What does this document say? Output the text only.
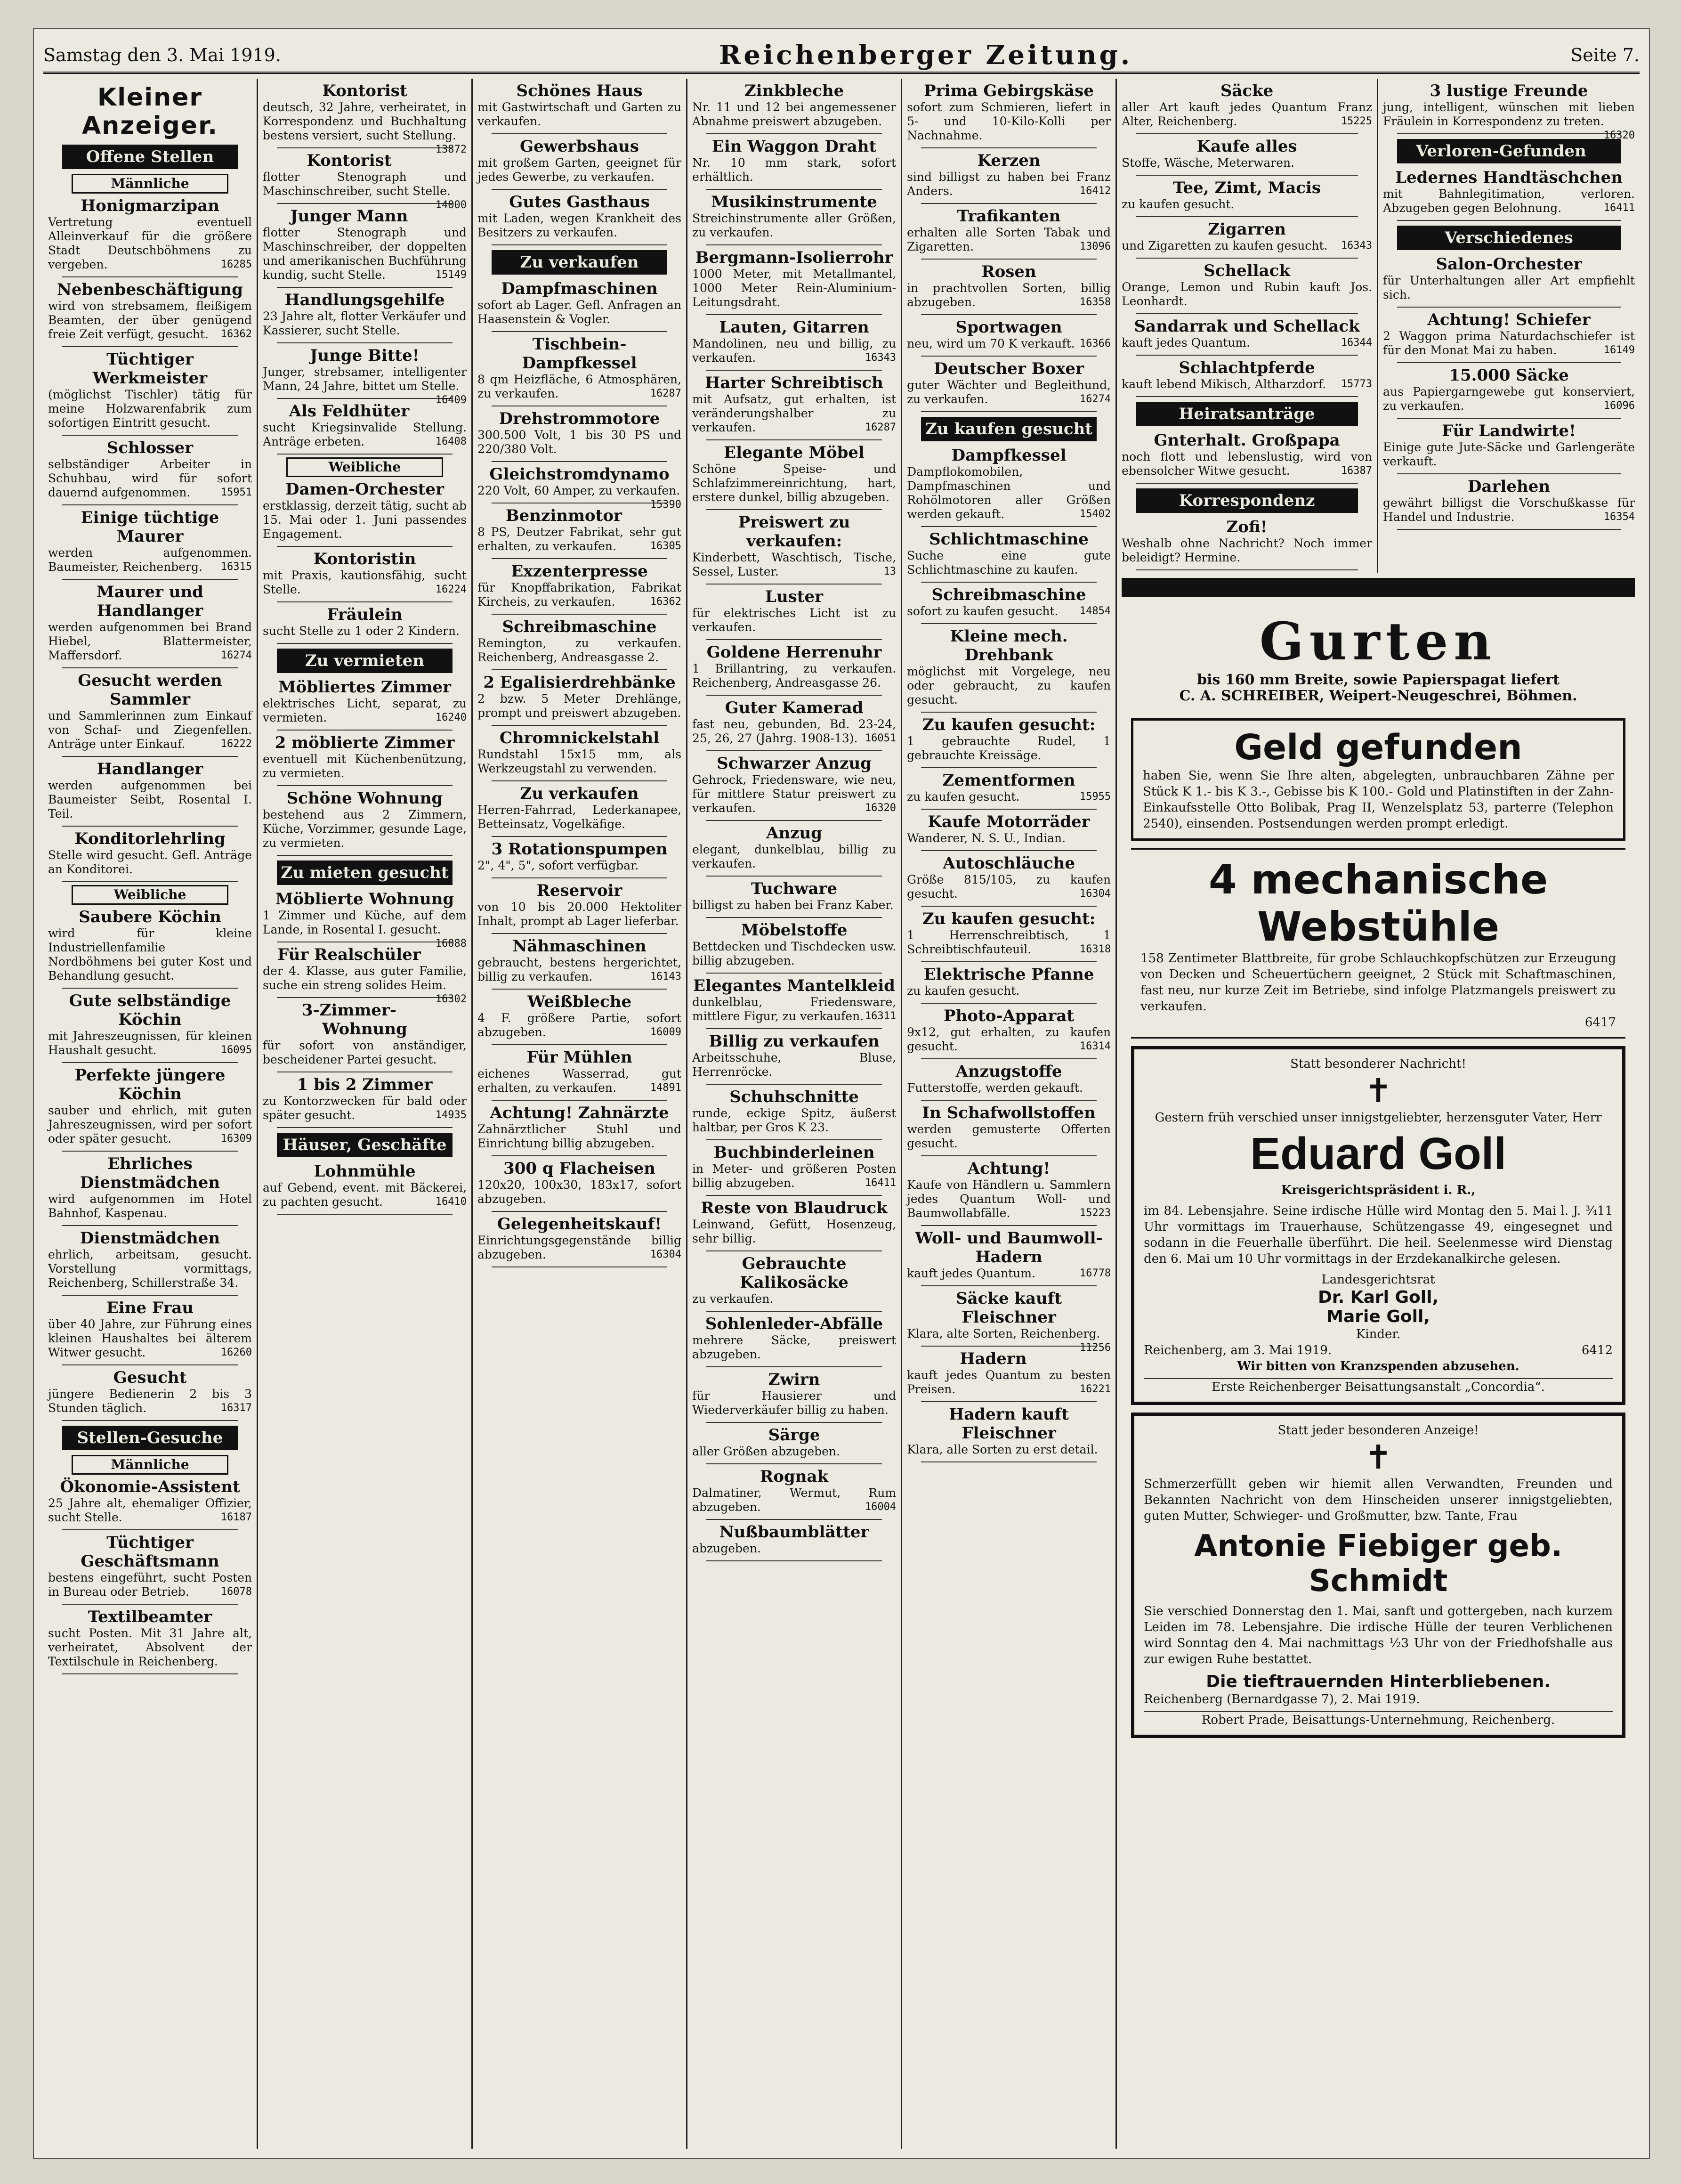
Samstag den 3. Mai 1919.	Reichenberger Zeitung.	Seite 7.
Kleiner Anzeiger.
Offene Stellen
Männliche
Honigmarzipan

Vertretung eventuell Alleinverkauf für die größere Stadt Deutschböhmens zu vergeben.	16285

Nebenbeschäftigung

wird von strebsamem, fleißigem Beamten, der über genügend freie Zeit verfügt, gesucht. 16362

Tüchtiger Werkmeister

(möglichst Tischler) tätig für meine Holzwarenfabrik zum sofortigen Eintritt gesucht.

Schlosser

selbständiger Arbeiter in Schuhbau, wird für sofort dauernd aufgenommen.	15951

Einige tüchtige Maurer

werden aufgenommen. Baumeister, Reichenberg. 16315

Maurer und Handlanger

werden aufgenommen bei Brand Hiebel, Blattermeister, Maffersdorf.	16274

Gesucht werden Sammler

und Sammlerinnen zum Einkauf von Schaf- und Ziegenfellen. Anträge unter Einkauf.	16222

Handlanger

werden aufgenommen bei Baumeister Seibt, Rosental I. Teil.

Konditorlehrling

Stelle wird gesucht. Gefl. Anträge an Konditorei.

Weibliche
Saubere Köchin

wird für kleine Industriellenfamilie Nordböhmens bei guter Kost und Behandlung gesucht.

Gute selbständige Köchin

mit Jahreszeugnissen, für kleinen Haushalt gesucht.	16095

Perfekte jüngere Köchin

sauber und ehrlich, mit guten Jahreszeugnissen, wird per sofort oder später gesucht.	16309

Ehrliches Dienstmädchen

wird aufgenommen im Hotel Bahnhof, Kaspenau.

Dienstmädchen

ehrlich, arbeitsam, gesucht. Vorstellung vormittags, Reichenberg, Schillerstraße 34.

Eine Frau

über 40 Jahre, zur Führung eines kleinen Haushaltes bei älterem Witwer gesucht.	16260

Gesucht

jüngere Bedienerin 2 bis 3 Stunden täglich.	16317

Stellen-Gesuche
Männliche
Ökonomie-Assistent

25 Jahre alt, ehemaliger Offizier, sucht Stelle.	16187

Tüchtiger Geschäftsmann

bestens eingeführt, sucht Posten in Bureau oder Betrieb.	16078

Textilbeamter

sucht Posten. Mit 31 Jahre alt, verheiratet, Absolvent der Textilschule in Reichenberg.

Kontorist

deutsch, 32 Jahre, verheiratet, in Korrespondenz und Buchhaltung bestens versiert, sucht Stellung.
13872

Kontorist

flotter Stenograph und Maschinschreiber, sucht Stelle.
14000

Junger Mann

flotter Stenograph und Maschinschreiber, der doppelten und amerikanischen Buchführung kundig, sucht Stelle.	15149

Handlungsgehilfe

23 Jahre alt, flotter Verkäufer und Kassierer, sucht Stelle.

Junge Bitte!

Junger, strebsamer, intelligenter Mann, 24 Jahre, bittet um Stelle.
16409

Als Feldhüter

sucht Kriegsinvalide Stellung. Anträge erbeten.	16408

Weibliche
Damen-Orchester

erstklassig, derzeit tätig, sucht ab 15. Mai oder 1. Juni passendes Engagement.

Kontoristin

mit Praxis, kautionsfähig, sucht Stelle.	16224

Fräulein

sucht Stelle zu 1 oder 2 Kindern.

Zu vermieten
Möbliertes Zimmer

elektrisches Licht, separat, zu vermieten.	16240

2 möblierte Zimmer

eventuell mit Küchenbenützung, zu vermieten.

Schöne Wohnung

bestehend aus 2 Zimmern, Küche, Vorzimmer, gesunde Lage, zu vermieten.

Zu mieten gesucht
Möblierte Wohnung

1 Zimmer und Küche, auf dem Lande, in Rosental I. gesucht.
16088

Für Realschüler

der 4. Klasse, aus guter Familie, suche ein streng solides Heim.
16302

3-Zimmer-Wohnung

für sofort von anständiger, bescheidener Partei gesucht.

1 bis 2 Zimmer

zu Kontorzwecken für bald oder später gesucht.	14935

Häuser, Geschäfte
Lohnmühle

auf Gebend, event. mit Bäckerei, zu pachten gesucht.	16410

Schönes Haus

mit Gastwirtschaft und Garten zu verkaufen.

Gewerbshaus

mit großem Garten, geeignet für jedes Gewerbe, zu verkaufen.

Gutes Gasthaus

mit Laden, wegen Krankheit des Besitzers zu verkaufen.

Zu verkaufen
Dampfmaschinen

sofort ab Lager. Gefl. Anfragen an Haasenstein & Vogler.

Tischbein-Dampfkessel

8 qm Heizfläche, 6 Atmosphären, zu verkaufen.	16287

Drehstrommotore

300.500 Volt, 1 bis 30 PS und 220/380 Volt.

Gleichstromdynamo

220 Volt, 60 Amper, zu verkaufen.
15390

Benzinmotor

8 PS, Deutzer Fabrikat, sehr gut erhalten, zu verkaufen.	16305

Exzenterpresse

für Knopffabrikation, Fabrikat Kircheis, zu verkaufen.	16362

Schreibmaschine

Remington, zu verkaufen. Reichenberg, Andreasgasse 2.

2 Egalisierdrehbänke

2 bzw. 5 Meter Drehlänge, prompt und preiswert abzugeben.

Chromnickelstahl

Rundstahl 15x15 mm, als Werkzeugstahl zu verwenden.

Zu verkaufen

Herren-Fahrrad, Lederkanapee, Betteinsatz, Vogelkäfige.

3 Rotationspumpen

2", 4", 5", sofort verfügbar.

Reservoir

von 10 bis 20.000 Hektoliter Inhalt, prompt ab Lager lieferbar.

Nähmaschinen

gebraucht, bestens hergerichtet, billig zu verkaufen.	16143

Weißbleche

4 F. größere Partie, sofort abzugeben.	16009

Für Mühlen

eichenes Wasserrad, gut erhalten, zu verkaufen.	14891

Achtung! Zahnärzte

Zahnärztlicher Stuhl und Einrichtung billig abzugeben.

300 q Flacheisen

120x20, 100x30, 183x17, sofort abzugeben.

Gelegenheitskauf!

Einrichtungsgegenstände billig abzugeben.	16304

Zinkbleche

Nr. 11 und 12 bei angemessener Abnahme preiswert abzugeben.

Ein Waggon Draht

Nr. 10 mm stark, sofort erhältlich.

Musikinstrumente

Streichinstrumente aller Größen, zu verkaufen.

Bergmann-Isolierrohr

1000 Meter, mit Metallmantel, 1000 Meter Rein-Aluminium-Leitungsdraht.

Lauten, Gitarren

Mandolinen, neu und billig, zu verkaufen.	16343

Harter Schreibtisch

mit Aufsatz, gut erhalten, ist veränderungshalber zu verkaufen.	16287

Elegante Möbel

Schöne Speise- und Schlafzimmereinrichtung, hart, erstere dunkel, billig abzugeben.

Preiswert zu verkaufen:

Kinderbett, Waschtisch, Tische, Sessel, Luster.	13

Luster

für elektrisches Licht ist zu verkaufen.

Goldene Herrenuhr

1 Brillantring, zu verkaufen. Reichenberg, Andreasgasse 26.

Guter Kamerad

fast neu, gebunden, Bd. 23-24, 25, 26, 27 (Jahrg. 1908-13). 16051

Schwarzer Anzug

Gehrock, Friedensware, wie neu, für mittlere Statur preiswert zu verkaufen.	16320

Anzug

elegant, dunkelblau, billig zu verkaufen.

Tuchware

billigst zu haben bei Franz Kaber.

Möbelstoffe

Bettdecken und Tischdecken usw. billig abzugeben.

Elegantes Mantelkleid

dunkelblau, Friedensware, mittlere Figur, zu verkaufen. 16311

Billig zu verkaufen

Arbeitsschuhe, Bluse, Herrenröcke.

Schuhschnitte

runde, eckige Spitz, äußerst haltbar, per Gros K 23.

Buchbinderleinen

in Meter- und größeren Posten billig abzugeben.	16411

Reste von Blaudruck

Leinwand, Gefütt, Hosenzeug, sehr billig.

Gebrauchte Kalikosäcke

zu verkaufen.

Sohlenleder-Abfälle

mehrere Säcke, preiswert abzugeben.

Zwirn

für Hausierer und Wiederverkäufer billig zu haben.

Särge

aller Größen abzugeben.

Rognak

Dalmatiner, Wermut, Rum abzugeben.	16004

Nußbaumblätter

abzugeben.

Prima Gebirgskäse

sofort zum Schmieren, liefert in 5- und 10-Kilo-Kolli per Nachnahme.

Kerzen

sind billigst zu haben bei Franz Anders.	16412

Trafikanten

erhalten alle Sorten Tabak und Zigaretten.	13096

Rosen

in prachtvollen Sorten, billig abzugeben.	16358

Sportwagen

neu, wird um 70 K verkauft. 16366

Deutscher Boxer

guter Wächter und Begleithund, zu verkaufen.	16274

Zu kaufen gesucht
Dampfkessel

Dampflokomobilen, Dampfmaschinen und Rohölmotoren aller Größen werden gekauft.	15402

Schlichtmaschine

Suche eine gute Schlichtmaschine zu kaufen.

Schreibmaschine

sofort zu kaufen gesucht. 14854

Kleine mech. Drehbank

möglichst mit Vorgelege, neu oder gebraucht, zu kaufen gesucht.

Zu kaufen gesucht:

1 gebrauchte Rudel, 1 gebrauchte Kreissäge.

Zementformen

zu kaufen gesucht.	15955

Kaufe Motorräder

Wanderer, N. S. U., Indian.

Autoschläuche

Größe 815/105, zu kaufen gesucht.	16304

Zu kaufen gesucht:

1 Herrenschreibtisch, 1 Schreibtischfauteuil.	16318

Elektrische Pfanne

zu kaufen gesucht.

Photo-Apparat

9x12, gut erhalten, zu kaufen gesucht.	16314

Anzugstoffe

Futterstoffe, werden gekauft.

In Schafwollstoffen

werden gemusterte Offerten gesucht.

Achtung!

Kaufe von Händlern u. Sammlern jedes Quantum Woll- und Baumwollabfälle.	15223

Woll- und Baumwoll-Hadern

kauft jedes Quantum.	16778

Säcke kauft Fleischner

Klara, alte Sorten, Reichenberg.
11256

Hadern

kauft jedes Quantum zu besten Preisen.	16221

Hadern kauft Fleischner

Klara, alle Sorten zu erst detail.

Säcke

aller Art kauft jedes Quantum Franz Alter, Reichenberg.	15225

Kaufe alles

Stoffe, Wäsche, Meterwaren.

Tee, Zimt, Macis

zu kaufen gesucht.

Zigarren

und Zigaretten zu kaufen gesucht. 16343

Schellack

Orange, Lemon und Rubin kauft Jos. Leonhardt.

Sandarrak und Schellack

kauft jedes Quantum.	16344

Schlachtpferde

kauft lebend Mikisch, Altharzdorf. 15773

Heiratsanträge
Gnterhalt. Großpapa

noch flott und lebenslustig, wird von ebensolcher Witwe gesucht.	16387

Korrespondenz
Zofi!

Weshalb ohne Nachricht? Noch immer beleidigt? Hermine.

3 lustige Freunde

jung, intelligent, wünschen mit lieben Fräulein in Korrespondenz zu treten.
16320

Verloren-Gefunden
Ledernes Handtäschchen

mit Bahnlegitimation, verloren. Abzugeben gegen Belohnung.	16411

Verschiedenes
Salon-Orchester

für Unterhaltungen aller Art empfiehlt sich.

Achtung! Schiefer

2 Waggon prima Naturdachschiefer ist für den Monat Mai zu haben.	16149

15.000 Säcke

aus Papiergarngewebe gut konserviert, zu verkaufen.	16096

Für Landwirte!

Einige gute Jute-Säcke und Garlengeräte verkauft.

Darlehen

gewährt billigst die Vorschußkasse für Handel und Industrie.	16354

Gurten
bis 160 mm Breite, sowie Papierspagat liefert
C. A. SCHREIBER, Weipert-Neugeschrei, Böhmen.
Geld gefunden
haben Sie, wenn Sie Ihre alten, abgelegten, unbrauchbaren Zähne per Stück K 1.- bis K 3.-, Gebisse bis K 100.- Gold und Platinstiften in der Zahn-Einkaufsstelle Otto Bolibak, Prag II, Wenzelsplatz 53, parterre (Telephon 2540), einsenden. Postsendungen werden prompt erledigt.
4 mechanische Webstühle
158 Zentimeter Blattbreite, für grobe Schlauchkopfschützen zur Erzeugung von Decken und Scheuertüchern geeignet, 2 Stück mit Schaftmaschinen, fast neu, nur kurze Zeit im Betriebe, sind infolge Platzmangels preiswert zu verkaufen.
6417
Statt besonderer Nachricht!
✝
Gestern früh verschied unser innigstgeliebter, herzensguter Vater, Herr
Eduard Goll
Kreisgerichtspräsident i. R.,
im 84. Lebensjahre. Seine irdische Hülle wird Montag den 5. Mai l. J. ¾11 Uhr vormittags im Trauerhause, Schützengasse 49, eingesegnet und sodann in die Feuerhalle überführt. Die heil. Seelenmesse wird Dienstag den 6. Mai um 10 Uhr vormittags in der Erzdekanalkirche gelesen.
Landesgerichtsrat
Dr. Karl Goll,
Marie Goll,
Kinder.
Reichenberg, am 3. Mai 1919.	6412
Wir bitten von Kranzspenden abzusehen.
Erste Reichenberger Beisattungsanstalt „Concordia“.
Statt jeder besonderen Anzeige!
✝
Schmerzerfüllt geben wir hiemit allen Verwandten, Freunden und Bekannten Nachricht von dem Hinscheiden unserer innigstgeliebten, guten Mutter, Schwieger- und Großmutter, bzw. Tante, Frau
Antonie Fiebiger geb. Schmidt
Sie verschied Donnerstag den 1. Mai, sanft und gottergeben, nach kurzem Leiden im 78. Lebensjahre. Die irdische Hülle der teuren Verblichenen wird Sonntag den 4. Mai nachmittags ½3 Uhr von der Friedhofshalle aus zur ewigen Ruhe bestattet.
Die tieftrauernden Hinterbliebenen.
Reichenberg (Bernardgasse 7), 2. Mai 1919.
Robert Prade, Beisattungs-Unternehmung, Reichenberg.
